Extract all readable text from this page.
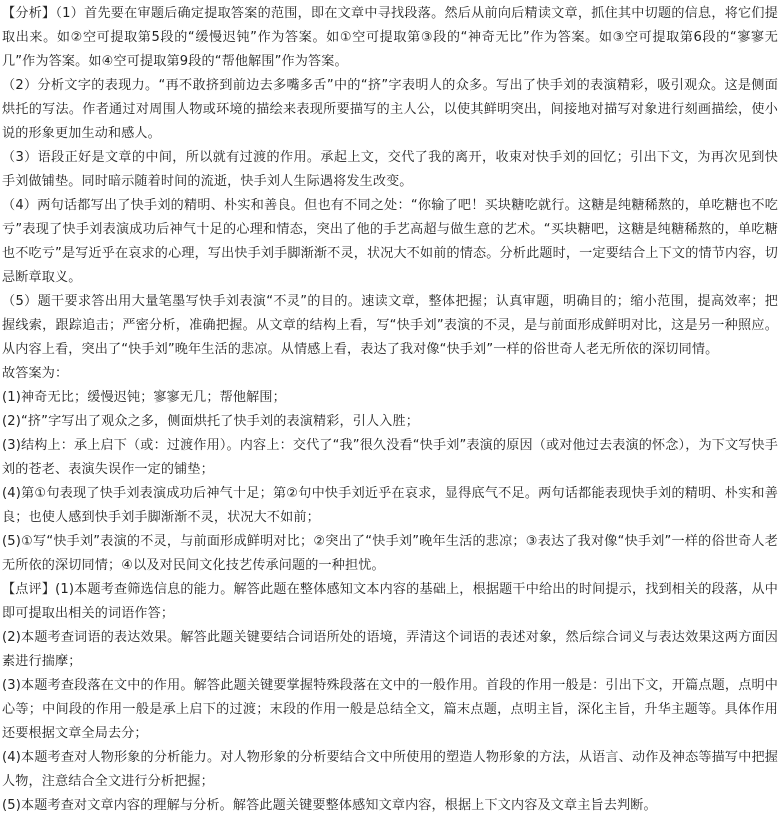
【分析】（1）首先要在审题后确定提取答案的范围，即在文章中寻找段落。然后从前向后精读文章，抓住其中切题的信息，将它们提取出来。如②空可提取第5段的“缓慢迟钝”作为答案。如①空可提取第③段的“神奇无比”作为答案。如③空可提取第6段的“寥寥无几”作为答案。如④空可提取第9段的“帮他解围”作为答案。

（2）分析文字的表现力。“再不敢挤到前边去多嘴多舌”中的“挤”字表明人的众多。写出了快手刘的表演精彩，吸引观众。这是侧面烘托的写法。作者通过对周围人物或环境的描绘来表现所要描写的主人公，以使其鲜明突出，间接地对描写对象进行刻画描绘，使小说的形象更加生动和感人。

（3）语段正好是文章的中间，所以就有过渡的作用。承起上文，交代了我的离开，收束对快手刘的回忆；引出下文，为再次见到快手刘做铺垫。同时暗示随着时间的流逝，快手刘人生际遇将发生改变。

（4）两句话都写出了快手刘的精明、朴实和善良。但也有不同之处：“你输了吧！买块糖吃就行。这糖是纯糖稀熬的，单吃糖也不吃亏”表现了快手刘表演成功后神气十足的心理和情态，突出了他的手艺高超与做生意的艺术。“买块糖吧，这糖是纯糖稀熬的，单吃糖也不吃亏”是写近乎在哀求的心理，写出快手刘手脚渐渐不灵，状况大不如前的情态。分析此题时，一定要结合上下文的情节内容，切忌断章取义。

（5）题干要求答出用大量笔墨写快手刘表演“不灵”的目的。速读文章，整体把握；认真审题，明确目的；缩小范围，提高效率；把握线索，跟踪追击；严密分析，准确把握。从文章的结构上看，写“快手刘”表演的不灵，是与前面形成鲜明对比，这是另一种照应。从内容上看，突出了“快手刘”晚年生活的悲凉。从情感上看，表达了我对像“快手刘”一样的俗世奇人老无所依的深切同情。

故答案为：

(1)神奇无比；缓慢迟钝；寥寥无几；帮他解围；

(2)“挤”字写出了观众之多，侧面烘托了快手刘的表演精彩，引人入胜；

(3)结构上：承上启下（或：过渡作用）。内容上：交代了“我”很久没看“快手刘”表演的原因（或对他过去表演的怀念），为下文写快手刘的苍老、表演失误作一定的铺垫；

(4)第①句表现了快手刘表演成功后神气十足；第②句中快手刘近乎在哀求，显得底气不足。两句话都能表现快手刘的精明、朴实和善良；也使人感到快手刘手脚渐渐不灵，状况大不如前；

(5)①写“快手刘”表演的不灵，与前面形成鲜明对比；②突出了“快手刘”晚年生活的悲凉；③表达了我对像“快手刘”一样的俗世奇人老无所依的深切同情；④以及对民间文化技艺传承问题的一种担忧。

【点评】(1)本题考查筛选信息的能力。解答此题在整体感知文本内容的基础上，根据题干中给出的时间提示，找到相关的段落，从中即可提取出相关的词语作答；

(2)本题考查词语的表达效果。解答此题关键要结合词语所处的语境，弄清这个词语的表述对象，然后综合词义与表达效果这两方面因素进行揣摩；

(3)本题考查段落在文中的作用。解答此题关键要掌握特殊段落在文中的一般作用。首段的作用一般是：引出下文，开篇点题，点明中心等；中间段的作用一般是承上启下的过渡；末段的作用一般是总结全文，篇末点题，点明主旨，深化主旨，升华主题等。具体作用还要根据文章全局去分；

(4)本题考查对人物形象的分析能力。对人物形象的分析要结合文中所使用的塑造人物形象的方法，从语言、动作及神态等描写中把握人物，注意结合全文进行分析把握；

(5)本题考查对文章内容的理解与分析。解答此题关键要整体感知文章内容，根据上下文内容及文章主旨去判断。
